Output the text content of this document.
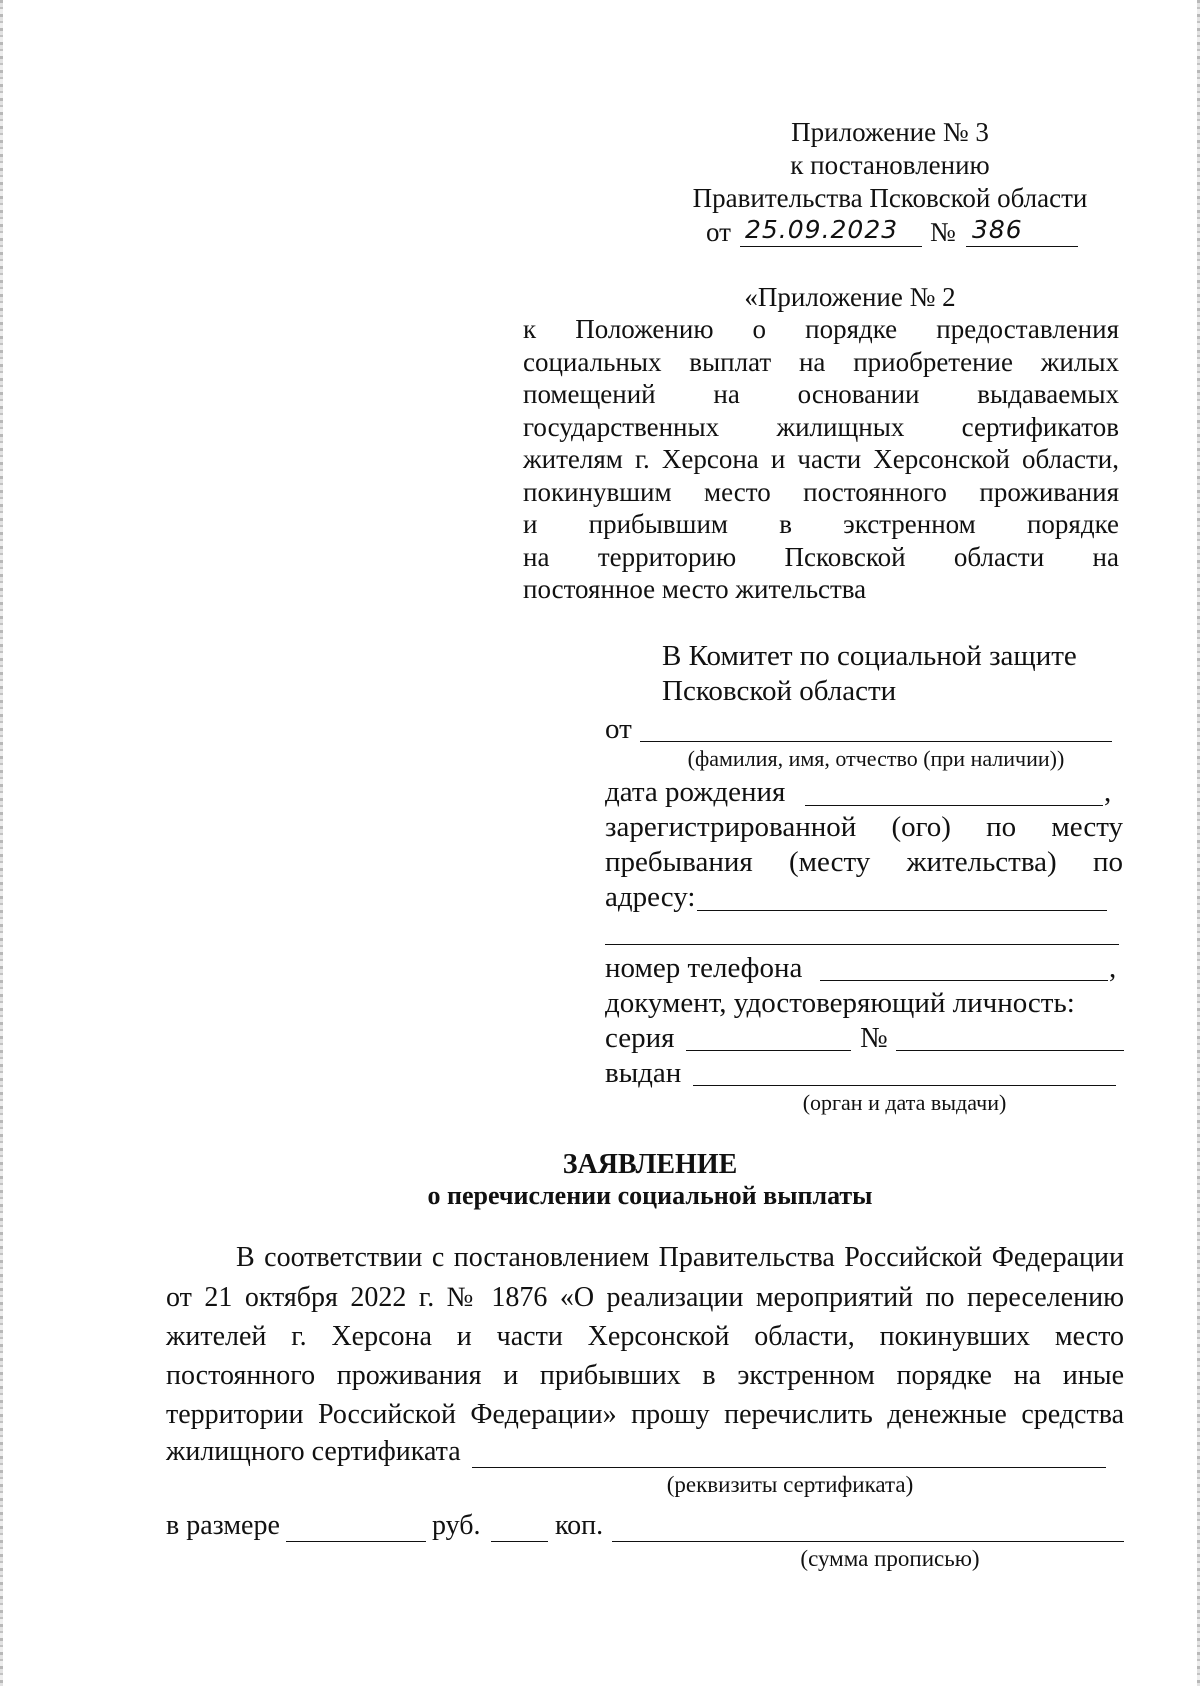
Приложение № 3
к постановлению
Правительства Псковской области
от 25.09.2023 № 386
«Приложение № 2
к Положению о порядке предоставления
социальных выплат на приобретение жилых
помещений на основании выдаваемых
государственных жилищных сертификатов
жителям г. Херсона и части Херсонской области,
покинувшим место постоянного проживания
и прибывшим в экстренном порядке
на территорию Псковской области на
постоянное место жительства
В Комитет по социальной защите
Псковской области
от
(фамилия, имя, отчество (при наличии))
дата рождения	,
зарегистрированной (ого) по месту
пребывания (месту жительства) по
адресу:
номер телефона	,
документ, удостоверяющий личность:
серия	№
выдан
(орган и дата выдачи)
ЗАЯВЛЕНИЕ
о перечислении социальной выплаты
В соответствии с постановлением Правительства Российской Федерации
от 21 октября 2022 г. № 1876 «О реализации мероприятий по переселению
жителей г. Херсона и части Херсонской области, покинувших место
постоянного проживания и прибывших в экстренном порядке на иные
территории Российской Федерации» прошу перечислить денежные средства
жилищного сертификата
(реквизиты сертификата)
в размере	руб.	коп.
(сумма прописью)
